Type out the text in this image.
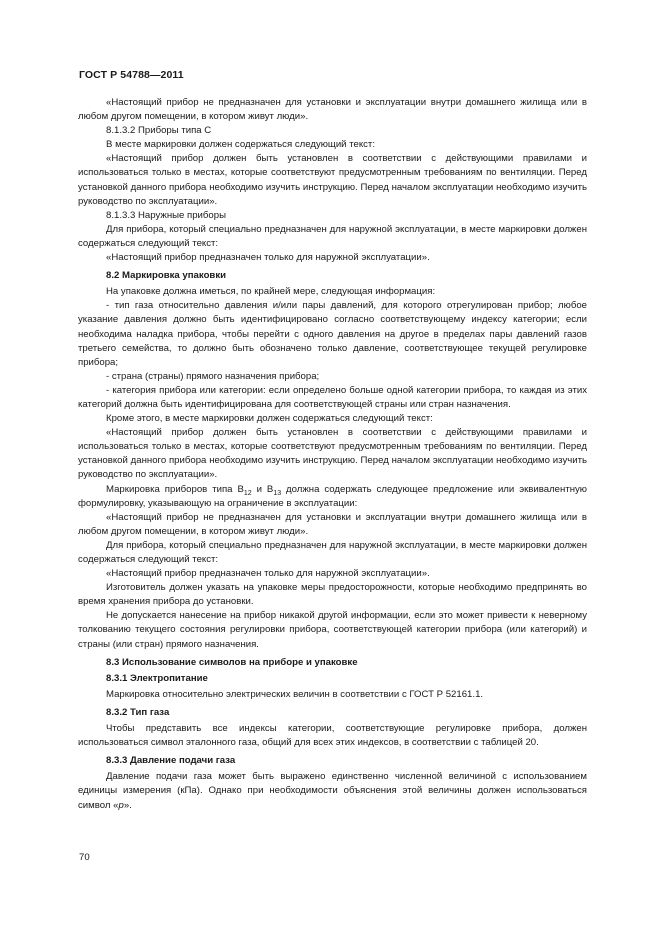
ГОСТ Р 54788—2011

«Настоящий прибор не предназначен для установки и эксплуатации внутри домашнего жилища или в любом другом помещении, в котором живут люди».

8.1.3.2 Приборы типа С

В месте маркировки должен содержаться следующий текст:

«Настоящий прибор должен быть установлен в соответствии с действующими правилами и использоваться только в местах, которые соответствуют предусмотренным требованиям по вентиляции. Перед установкой данного прибора необходимо изучить инструкцию. Перед началом эксплуатации необходимо изучить руководство по эксплуатации».

8.1.3.3 Наружные приборы

Для прибора, который специально предназначен для наружной эксплуатации, в месте маркировки должен содержаться следующий текст:

«Настоящий прибор предназначен только для наружной эксплуатации».

8.2 Маркировка упаковки

На упаковке должна иметься, по крайней мере, следующая информация:

- тип газа относительно давления и/или пары давлений, для которого отрегулирован прибор; любое указание давления должно быть идентифицировано согласно соответствующему индексу категории; если необходима наладка прибора, чтобы перейти с одного давления на другое в пределах пары давлений газов третьего семейства, то должно быть обозначено только давление, соответствующее текущей регулировке прибора;

- страна (страны) прямого назначения прибора;

- категория прибора или категории: если определено больше одной категории прибора, то каждая из этих категорий должна быть идентифицирована для соответствующей страны или стран назначения.

Кроме этого, в месте маркировки должен содержаться следующий текст:

«Настоящий прибор должен быть установлен в соответствии с действующими правилами и использоваться только в местах, которые соответствуют предусмотренным требованиям по вентиляции. Перед установкой данного прибора необходимо изучить инструкцию. Перед началом эксплуатации необходимо изучить руководство по эксплуатации».

Маркировка приборов типа $В_{12}$ и $В_{13}$ должна содержать следующее предложение или эквивалентную формулировку, указывающую на ограничение в эксплуатации:

«Настоящий прибор не предназначен для установки и эксплуатации внутри домашнего жилища или в любом другом помещении, в котором живут люди».

Для прибора, который специально предназначен для наружной эксплуатации, в месте маркировки должен содержаться следующий текст:

«Настоящий прибор предназначен только для наружной эксплуатации».

Изготовитель должен указать на упаковке меры предосторожности, которые необходимо предпринять во время хранения прибора до установки.

Не допускается нанесение на прибор никакой другой информации, если это может привести к неверному толкованию текущего состояния регулировки прибора, соответствующей категории прибора (или категорий) и страны (или стран) прямого назначения.

8.3 Использование символов на приборе и упаковке

8.3.1 Электропитание

Маркировка относительно электрических величин в соответствии с ГОСТ Р 52161.1.

8.3.2 Тип газа

Чтобы представить все индексы категории, соответствующие регулировке прибора, должен использоваться символ эталонного газа, общий для всех этих индексов, в соответствии с таблицей 20.

8.3.3 Давление подачи газа

Давление подачи газа может быть выражено единственно численной величиной с использованием единицы измерения (кПа). Однако при необходимости объяснения этой величины должен использоваться символ «p».

70
